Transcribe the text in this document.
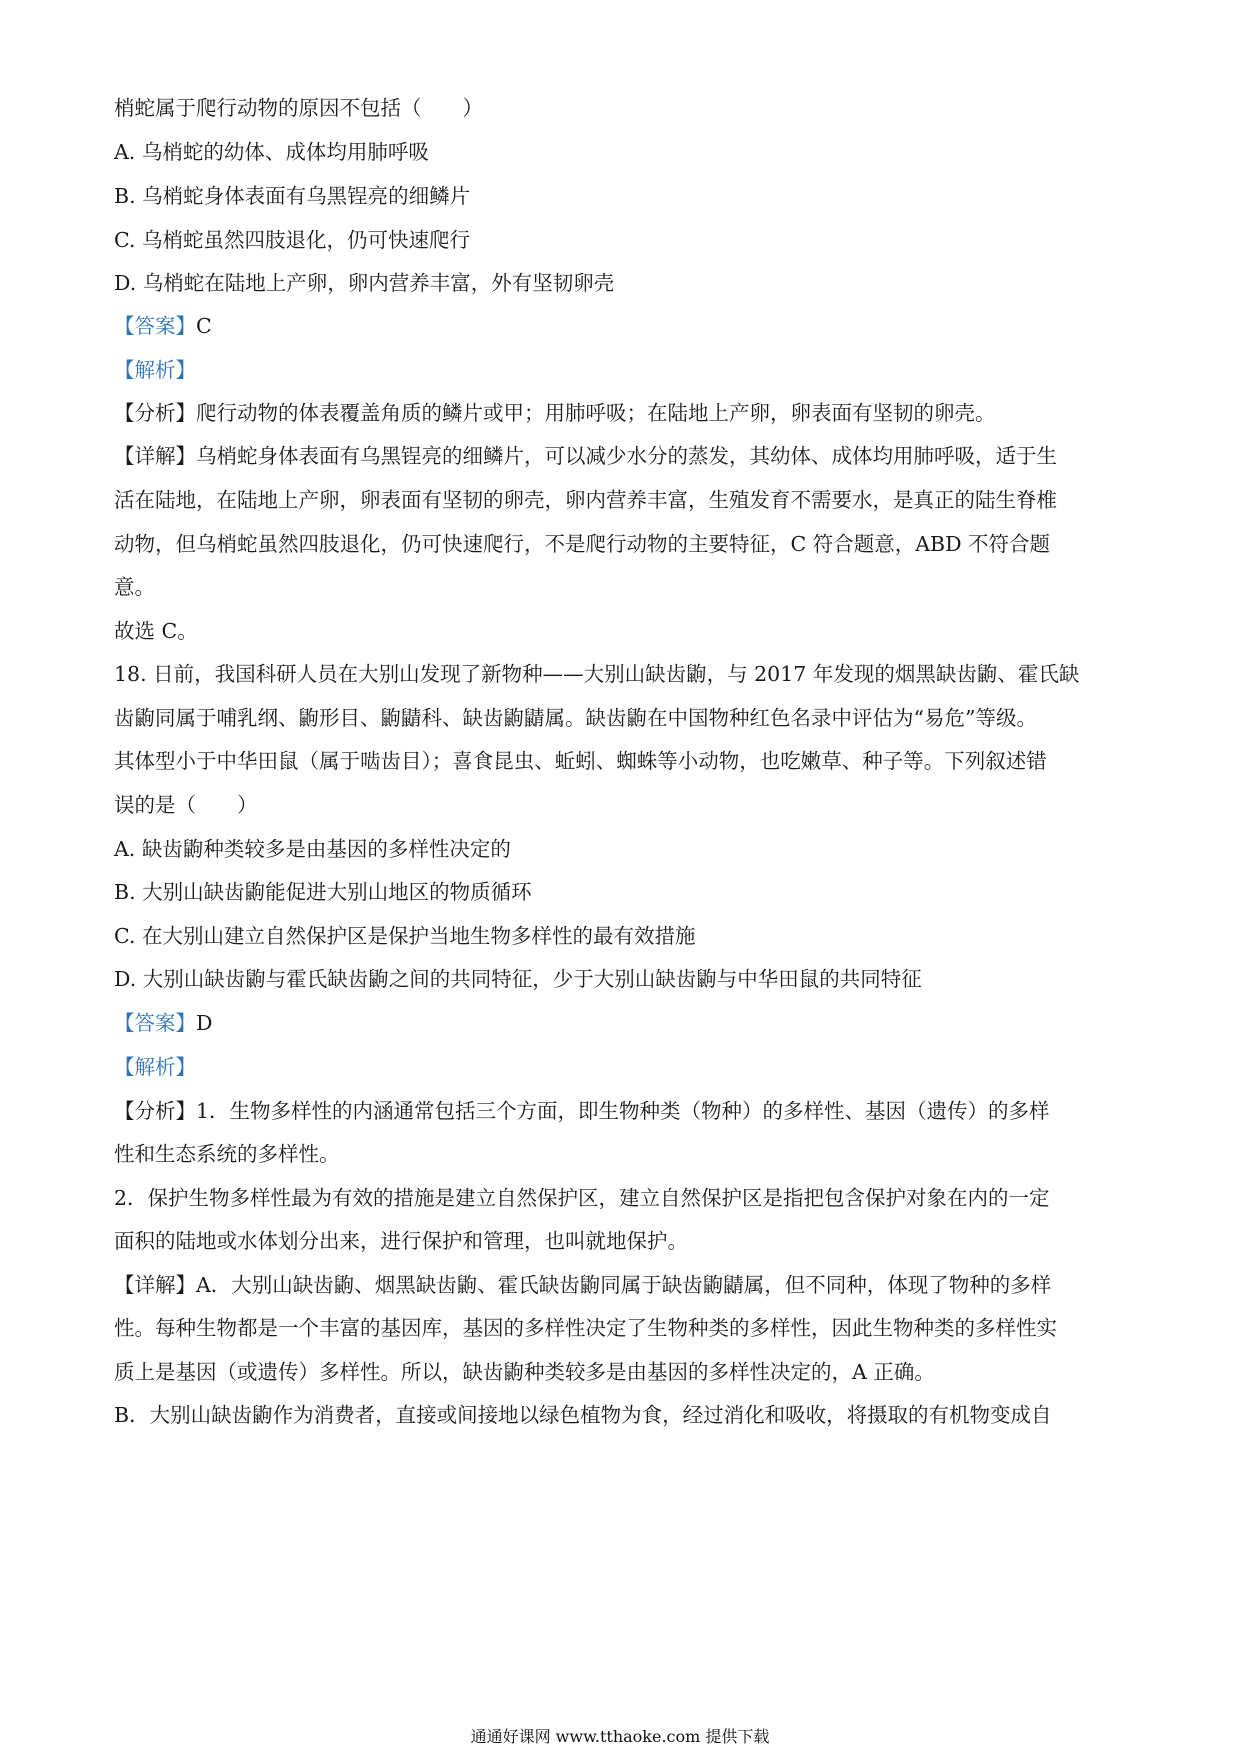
梢蛇属于爬行动物的原因不包括（　　）
A. 乌梢蛇的幼体、成体均用肺呼吸
B. 乌梢蛇身体表面有乌黑锃亮的细鳞片
C. 乌梢蛇虽然四肢退化，仍可快速爬行
D. 乌梢蛇在陆地上产卵，卵内营养丰富，外有坚韧卵壳
【答案】C
【解析】
【分析】爬行动物的体表覆盖角质的鳞片或甲；用肺呼吸；在陆地上产卵，卵表面有坚韧的卵壳。
【详解】乌梢蛇身体表面有乌黑锃亮的细鳞片，可以减少水分的蒸发，其幼体、成体均用肺呼吸，适于生
活在陆地，在陆地上产卵，卵表面有坚韧的卵壳，卵内营养丰富，生殖发育不需要水，是真正的陆生脊椎
动物，但乌梢蛇虽然四肢退化，仍可快速爬行，不是爬行动物的主要特征，C 符合题意，ABD 不符合题
意。
故选 C。
18. 日前，我国科研人员在大别山发现了新物种——大别山缺齿鼩，与 2017 年发现的烟黑缺齿鼩、霍氏缺
齿鼩同属于哺乳纲、鼩形目、鼩鼱科、缺齿鼩鼱属。缺齿鼩在中国物种红色名录中评估为“易危”等级。
其体型小于中华田鼠（属于啮齿目）；喜食昆虫、蚯蚓、蜘蛛等小动物，也吃嫩草、种子等。下列叙述错
误的是（　　）
A. 缺齿鼩种类较多是由基因的多样性决定的
B. 大别山缺齿鼩能促进大别山地区的物质循环
C. 在大别山建立自然保护区是保护当地生物多样性的最有效措施
D. 大别山缺齿鼩与霍氏缺齿鼩之间的共同特征，少于大别山缺齿鼩与中华田鼠的共同特征
【答案】D
【解析】
【分析】1．生物多样性的内涵通常包括三个方面，即生物种类（物种）的多样性、基因（遗传）的多样
性和生态系统的多样性。
2．保护生物多样性最为有效的措施是建立自然保护区，建立自然保护区是指把包含保护对象在内的一定
面积的陆地或水体划分出来，进行保护和管理，也叫就地保护。
【详解】A．大别山缺齿鼩、烟黑缺齿鼩、霍氏缺齿鼩同属于缺齿鼩鼱属，但不同种，体现了物种的多样
性。每种生物都是一个丰富的基因库，基因的多样性决定了生物种类的多样性，因此生物种类的多样性实
质上是基因（或遗传）多样性。所以，缺齿鼩种类较多是由基因的多样性决定的，A 正确。
B．大别山缺齿鼩作为消费者，直接或间接地以绿色植物为食，经过消化和吸收，将摄取的有机物变成自
通通好课网 www.tthaoke.com 提供下载
